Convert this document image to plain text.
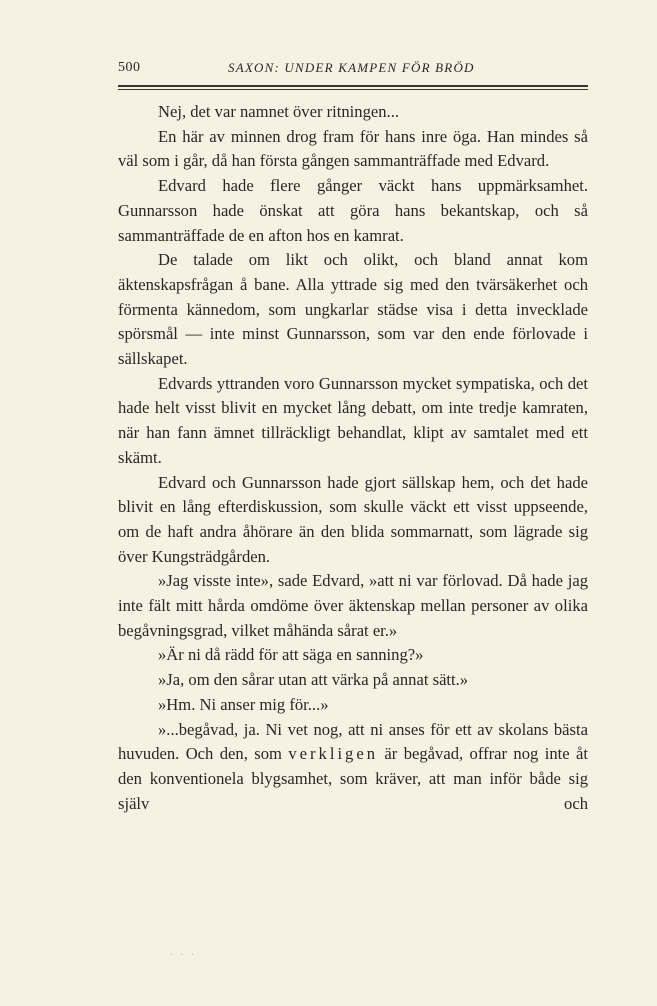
500	SAXON: UNDER KAMPEN FÖR BRÖD

Nej, det var namnet över ritningen...

En här av minnen drog fram för hans inre öga. Han mindes så väl som i går, då han första gången sammanträffade med Edvard.

Edvard hade flere gånger väckt hans uppmärksamhet. Gunnarsson hade önskat att göra hans bekantskap, och så sammanträffade de en afton hos en kamrat.

De talade om likt och olikt, och bland annat kom äktenskapsfrågan å bane. Alla yttrade sig med den tvärsäkerhet och förmenta kännedom, som ungkarlar städse visa i detta invecklade spörsmål — inte minst Gunnarsson, som var den ende förlovade i sällskapet.

Edvards yttranden voro Gunnarsson mycket sympatiska, och det hade helt visst blivit en mycket lång debatt, om inte tredje kamraten, när han fann ämnet tillräckligt behandlat, klipt av samtalet med ett skämt.

Edvard och Gunnarsson hade gjort sällskap hem, och det hade blivit en lång efterdiskussion, som skulle väckt ett visst uppseende, om de haft andra åhörare än den blida sommarnatt, som lägrade sig över Kungsträdgården.

»Jag visste inte», sade Edvard, »att ni var förlovad. Då hade jag inte fält mitt hårda omdöme över äktenskap mellan personer av olika begåvningsgrad, vilket måhända sårat er.»

»Är ni då rädd för att säga en sanning?»

»Ja, om den sårar utan att värka på annat sätt.»

»Hm. Ni anser mig för...»

»...begåvad, ja. Ni vet nog, att ni anses för ett av skolans bästa huvuden. Och den, som verkligen är begåvad, offrar nog inte åt den konventionela blygsamhet, som kräver, att man inför både sig själv och

· · ·
